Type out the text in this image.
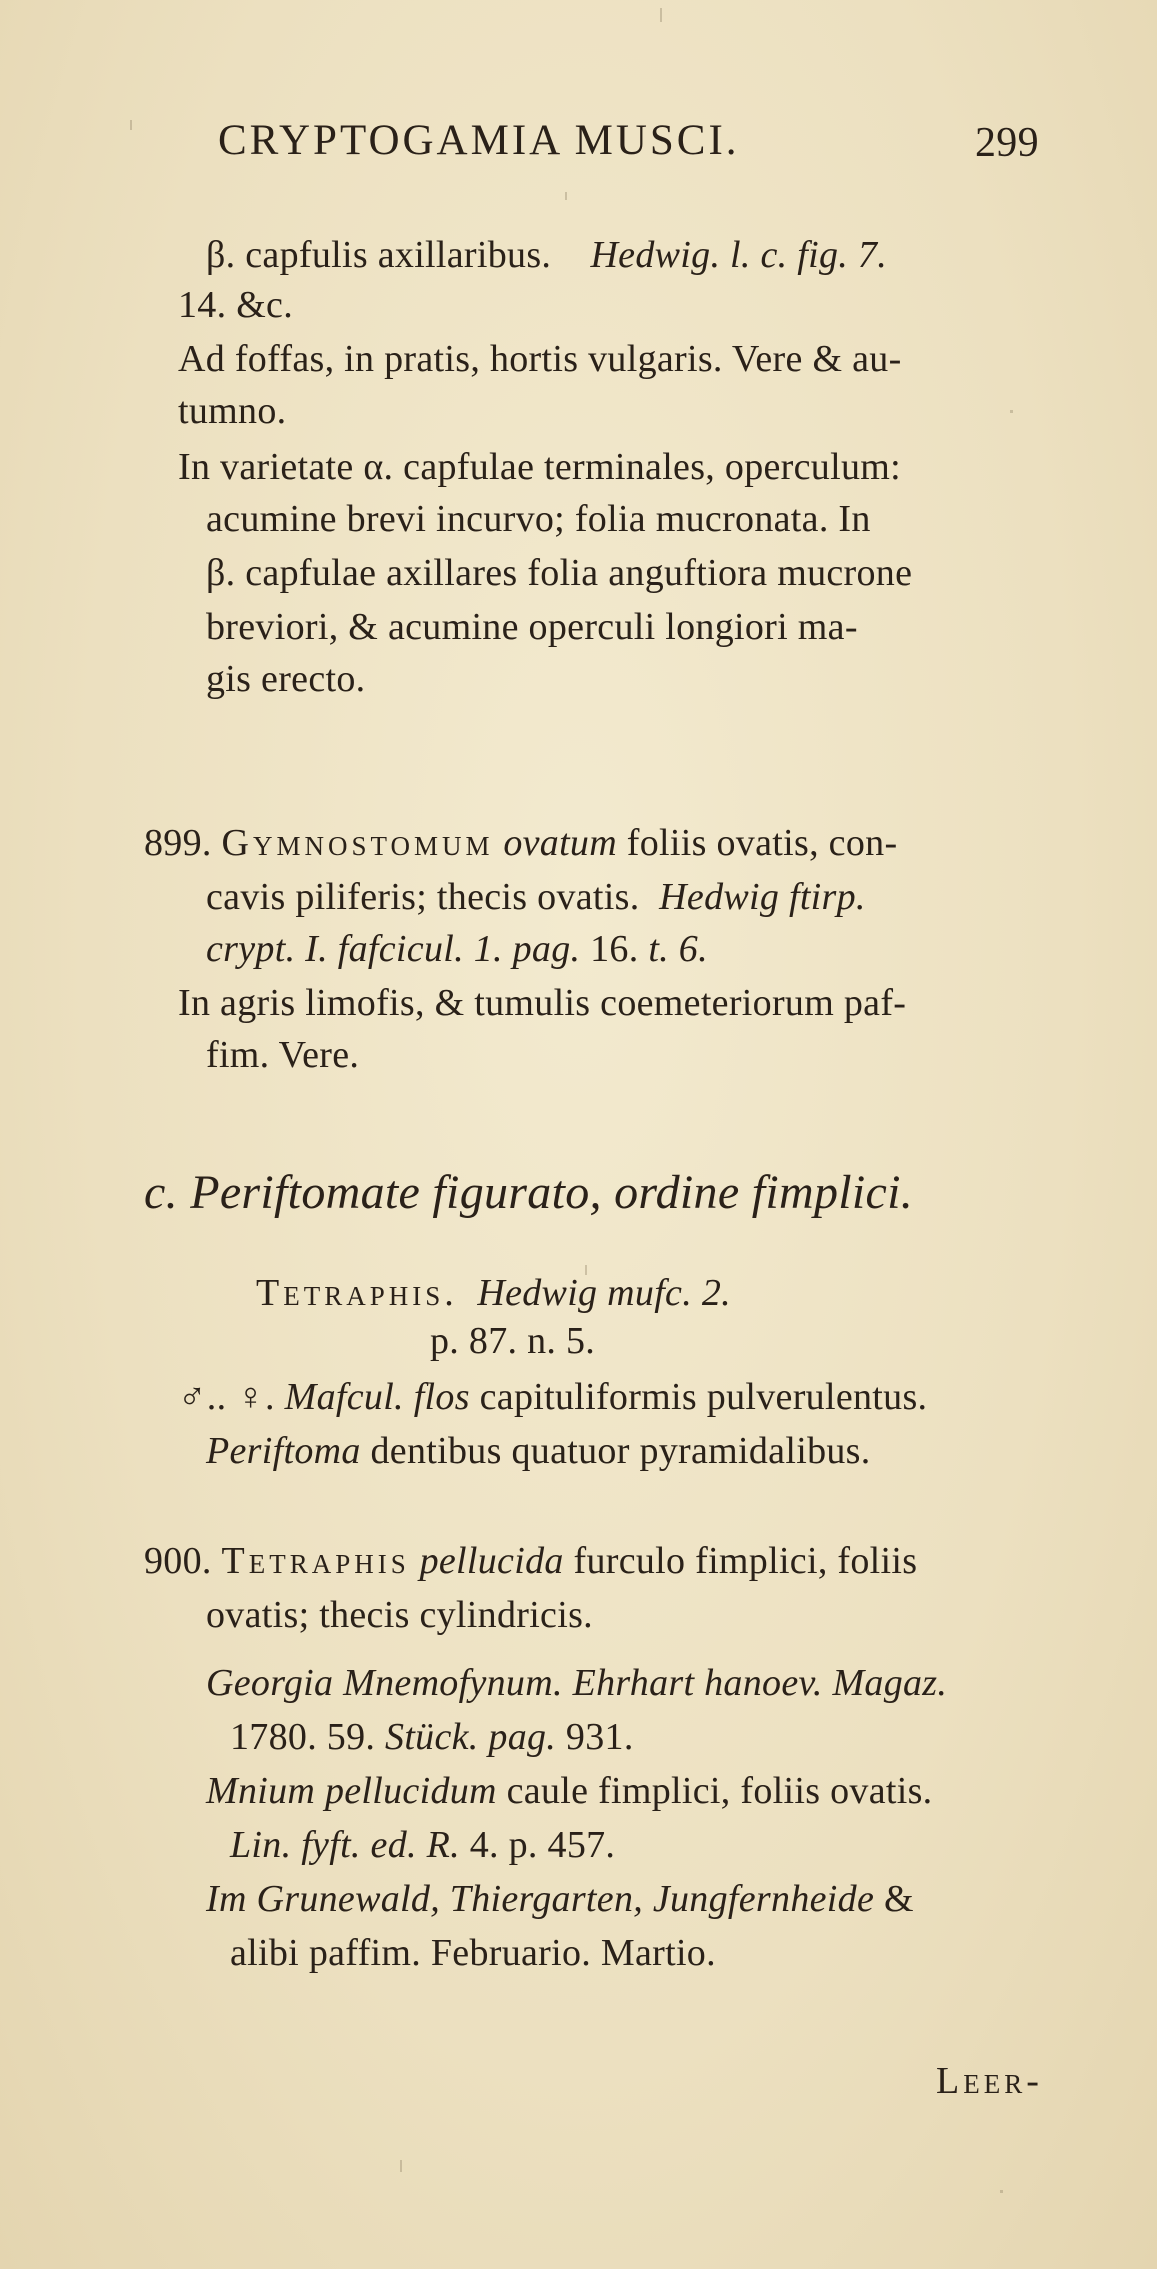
CRYPTOGAMIA MUSCI.	299
β. capfulis axillaribus. Hedwig. l. c. fig. 7.
14. &c.
Ad foffas, in pratis, hortis vulgaris. Vere & au-
tumno.
In varietate α. capfulae terminales, operculum:
acumine brevi incurvo; folia mucronata. In
β. capfulae axillares folia anguftiora mucrone
breviori, & acumine operculi longiori ma-
gis erecto.
899. Gymnostomum ovatum foliis ovatis, con-
cavis piliferis; thecis ovatis. Hedwig ftirp.
crypt. I. fafcicul. 1. pag. 16. t. 6.
In agris limofis, & tumulis coemeteriorum paf-
fim. Vere.
c. Periftomate figurato, ordine fimplici.
Tetraphis. Hedwig mufc. 2.
p. 87. n. 5.
♂.. ♀. Mafcul. flos capituliformis pulverulentus.
Periftoma dentibus quatuor pyramidalibus.
900. Tetraphis pellucida furculo fimplici, foliis
ovatis; thecis cylindricis.
Georgia Mnemofynum. Ehrhart hanoev. Magaz.
1780. 59. Stück. pag. 931.
Mnium pellucidum caule fimplici, foliis ovatis.
Lin. fyft. ed. R. 4. p. 457.
Im Grunewald, Thiergarten, Jungfernheide &
alibi paffim. Februario. Martio.
Leer-
